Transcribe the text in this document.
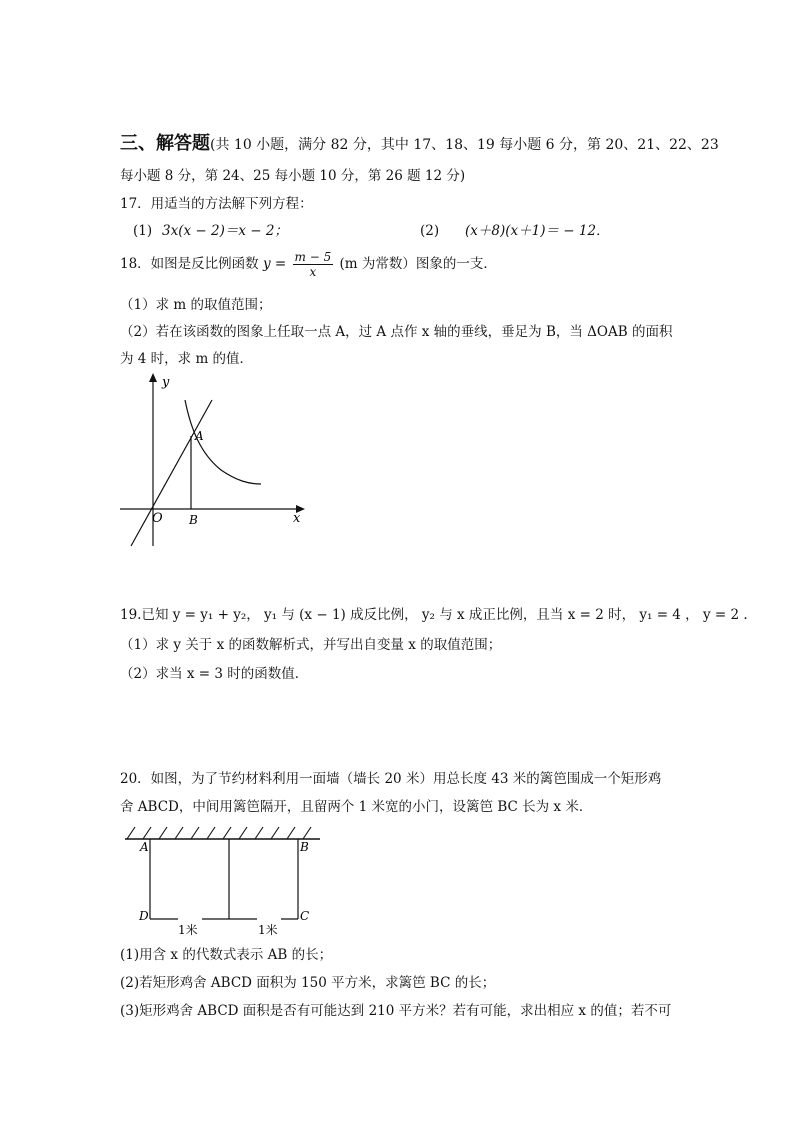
三、解答题(共 10 小题，满分 82 分，其中 17、18、19 每小题 6 分，第 20、21、22、23
每小题 8 分，第 24、25 每小题 10 分，第 26 题 12 分)
17．用适当的方法解下列方程：
(1) 3x(x − 2)＝x − 2；	(2) (x＋8)(x＋1)＝ − 12．
18．如图是反比例函数 $y = \frac{m - 5}{x} (m$ 为常数）图象的一支．
（1）求 m 的取值范围；
（2）若在该函数的图象上任取一点 A，过 A 点作 x 轴的垂线，垂足为 B，当 ΔOAB 的面积
为 4 时，求 m 的值．
y
x
O
A
B
19.已知 y = y₁ + y₂， y₁ 与 (x − 1) 成反比例， y₂ 与 x 成正比例，且当 x = 2 时， y₁ = 4 ， y = 2 .
（1）求 y 关于 x 的函数解析式，并写出自变量 x 的取值范围；
（2）求当 x = 3 时的函数值．
20．如图，为了节约材料利用一面墙（墙长 20 米）用总长度 43 米的篱笆围成一个矩形鸡
舍 ABCD，中间用篱笆隔开，且留两个 1 米宽的小门，设篱笆 BC 长为 x 米．
A	B
C
D
1米	1米
(1)用含 x 的代数式表示 AB 的长；
(2)若矩形鸡舍 ABCD 面积为 150 平方米，求篱笆 BC 的长；
(3)矩形鸡舍 ABCD 面积是否有可能达到 210 平方米？若有可能，求出相应 x 的值；若不可
